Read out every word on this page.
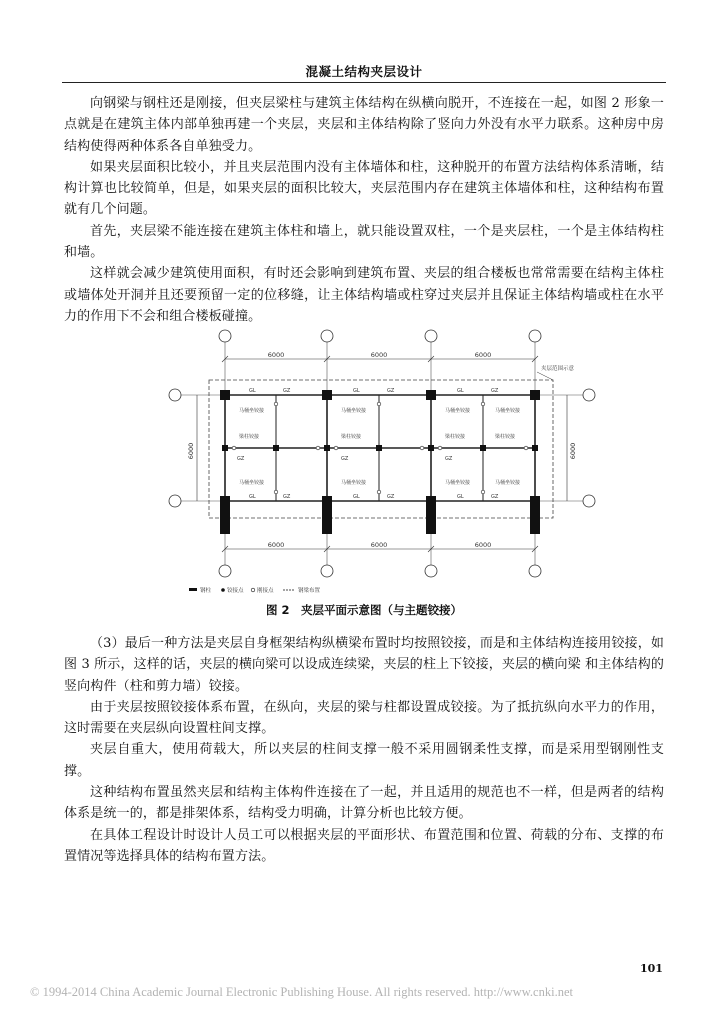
混凝土结构夹层设计

向钢梁与钢柱还是刚接，但夹层梁柱与建筑主体结构在纵横向脱开，不连接在一起，如图 2 形象一点就是在建筑主体内部单独再建一个夹层，夹层和主体结构除了竖向力外没有水平力联系。这种房中房结构使得两种体系各自单独受力。

如果夹层面积比较小，并且夹层范围内没有主体墙体和柱，这种脱开的布置方法结构体系清晰，结构计算也比较简单，但是，如果夹层的面积比较大，夹层范围内存在建筑主体墙体和柱，这种结构布置就有几个问题。

首先，夹层梁不能连接在建筑主体柱和墙上，就只能设置双柱，一个是夹层柱，一个是主体结构柱和墙。

这样就会减少建筑使用面积，有时还会影响到建筑布置、夹层的组合楼板也常常需要在结构主体柱或墙体处开洞并且还要预留一定的位移缝，让主体结构墙或柱穿过夹层并且保证主体结构墙或柱在水平力的作用下不会和组合楼板碰撞。

6000	6000	6000
6000	6000	6000
6000	6000
夹层范围示意
GL	GZ	GL	GZ	GL	GZ
GL	GZ	GL	GZ	GL	GZ
GZ	GZ	GZ
马桶坐铰接	马桶坐铰接	马桶坐铰接	马桶坐铰接
梁柱铰接	梁柱铰接	梁柱铰接	梁柱铰接
马桶坐铰接	马桶坐铰接	马桶坐铰接	马桶坐铰接
钢柱	铰接点 刚接点	钢梁布置
图 2　夹层平面示意图（与主题铰接）

（3）最后一种方法是夹层自身框架结构纵横梁布置时均按照铰接，而是和主体结构连接用铰接，如图 3 所示，这样的话，夹层的横向梁可以设成连续梁，夹层的柱上下铰接，夹层的横向梁 和主体结构的竖向构件（柱和剪力墙）铰接。

由于夹层按照铰接体系布置，在纵向，夹层的梁与柱都设置成铰接。为了抵抗纵向水平力的作用，这时需要在夹层纵向设置柱间支撑。

夹层自重大，使用荷载大，所以夹层的柱间支撑一般不采用圆钢柔性支撑，而是采用型钢刚性支撑。

这种结构布置虽然夹层和结构主体构件连接在了一起，并且适用的规范也不一样，但是两者的结构体系是统一的，都是排架体系，结构受力明确，计算分析也比较方便。

在具体工程设计时设计人员工可以根据夹层的平面形状、布置范围和位置、荷载的分布、支撑的布置情况等选择具体的结构布置方法。

101
© 1994-2014 China Academic Journal Electronic Publishing House. All rights reserved. http://www.cnki.net
